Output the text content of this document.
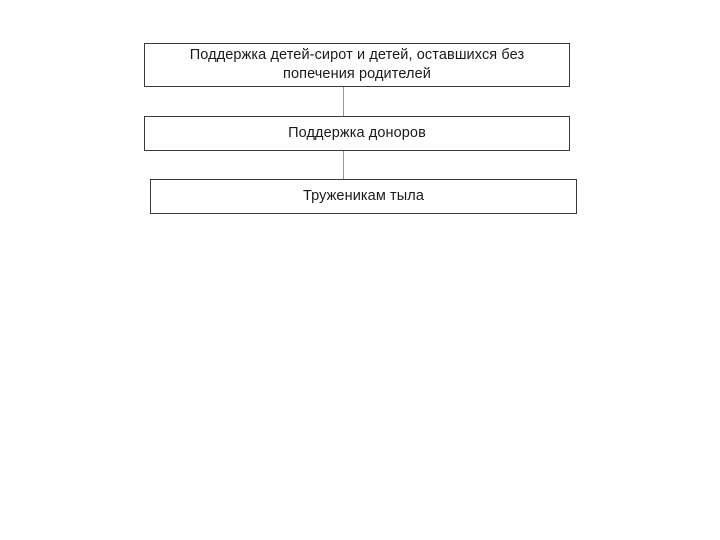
Поддержка детей-сирот и детей, оставшихся без
попечения родителей
Поддержка доноров
Труженикам тыла
